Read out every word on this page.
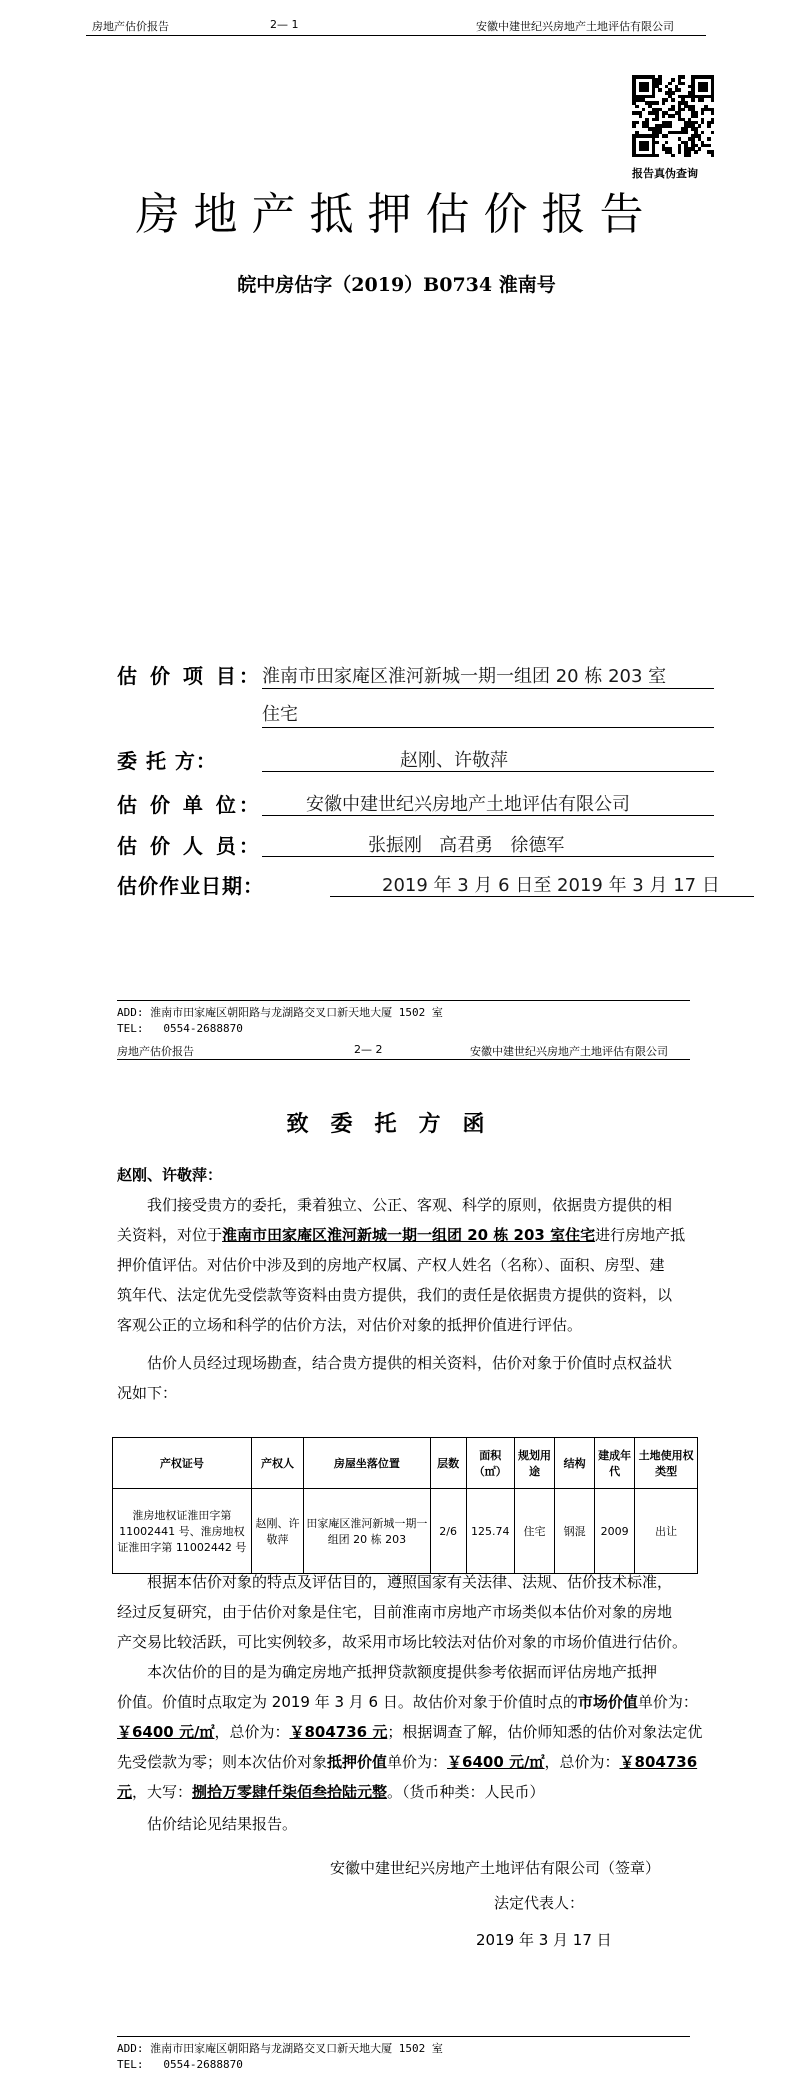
房地产估价报告	2— 1	安徽中建世纪兴房地产土地评估有限公司
报告真伪查询
房地产抵押估价报告
皖中房估字（2019）B0734 淮南号
估 价 项 目： 淮南市田家庵区淮河新城一期一组团 20 栋 203 室
住宅
委 托 方：	赵刚、许敬萍
估 价 单 位： 安徽中建世纪兴房地产土地评估有限公司
估 价 人 员：	张振刚   高君勇   徐德军
估价作业日期：	2019 年 3 月 6 日至 2019 年 3 月 17 日
ADD: 淮南市田家庵区朝阳路与龙湖路交叉口新天地大厦 1502 室
TEL:   0554-2688870
房地产估价报告	2— 2	安徽中建世纪兴房地产土地评估有限公司
致委托方函
赵刚、许敬萍：
我们接受贵方的委托，秉着独立、公正、客观、科学的原则，依据贵方提供的相
关资料，对位于淮南市田家庵区淮河新城一期一组团 20 栋 203 室住宅进行房地产抵
押价值评估。对估价中涉及到的房地产权属、产权人姓名（名称）、面积、房型、建
筑年代、法定优先受偿款等资料由贵方提供，我们的责任是依据贵方提供的资料，以
客观公正的立场和科学的估价方法，对估价对象的抵押价值进行评估。
估价人员经过现场勘查，结合贵方提供的相关资料，估价对象于价值时点权益状
况如下：
产权证号	产权人	房屋坐落位置	层数	面积（㎡）	规划用途	结构	建成年代	土地使用权类型
淮房地权证淮田字第 11002441 号、淮房地权证淮田字第 11002442 号	赵刚、许敬萍	田家庵区淮河新城一期一组团 20 栋 203	2/6	125.74	住宅	钢混	2009	出让
根据本估价对象的特点及评估目的，遵照国家有关法律、法规、估价技术标准，
经过反复研究，由于估价对象是住宅，目前淮南市房地产市场类似本估价对象的房地
产交易比较活跃，可比实例较多，故采用市场比较法对估价对象的市场价值进行估价。
本次估价的目的是为确定房地产抵押贷款额度提供参考依据而评估房地产抵押
价值。价值时点取定为 2019 年 3 月 6 日。故估价对象于价值时点的市场价值单价为：
￥6400 元/㎡，总价为：￥804736 元；根据调查了解，估价师知悉的估价对象法定优
先受偿款为零；则本次估价对象抵押价值单价为：￥6400 元/㎡，总价为：￥804736
元，大写：捌拾万零肆仟柒佰叁拾陆元整。（货币种类：人民币）
估价结论见结果报告。
安徽中建世纪兴房地产土地评估有限公司（签章）
法定代表人：
2019 年 3 月 17 日
ADD: 淮南市田家庵区朝阳路与龙湖路交叉口新天地大厦 1502 室
TEL:   0554-2688870
